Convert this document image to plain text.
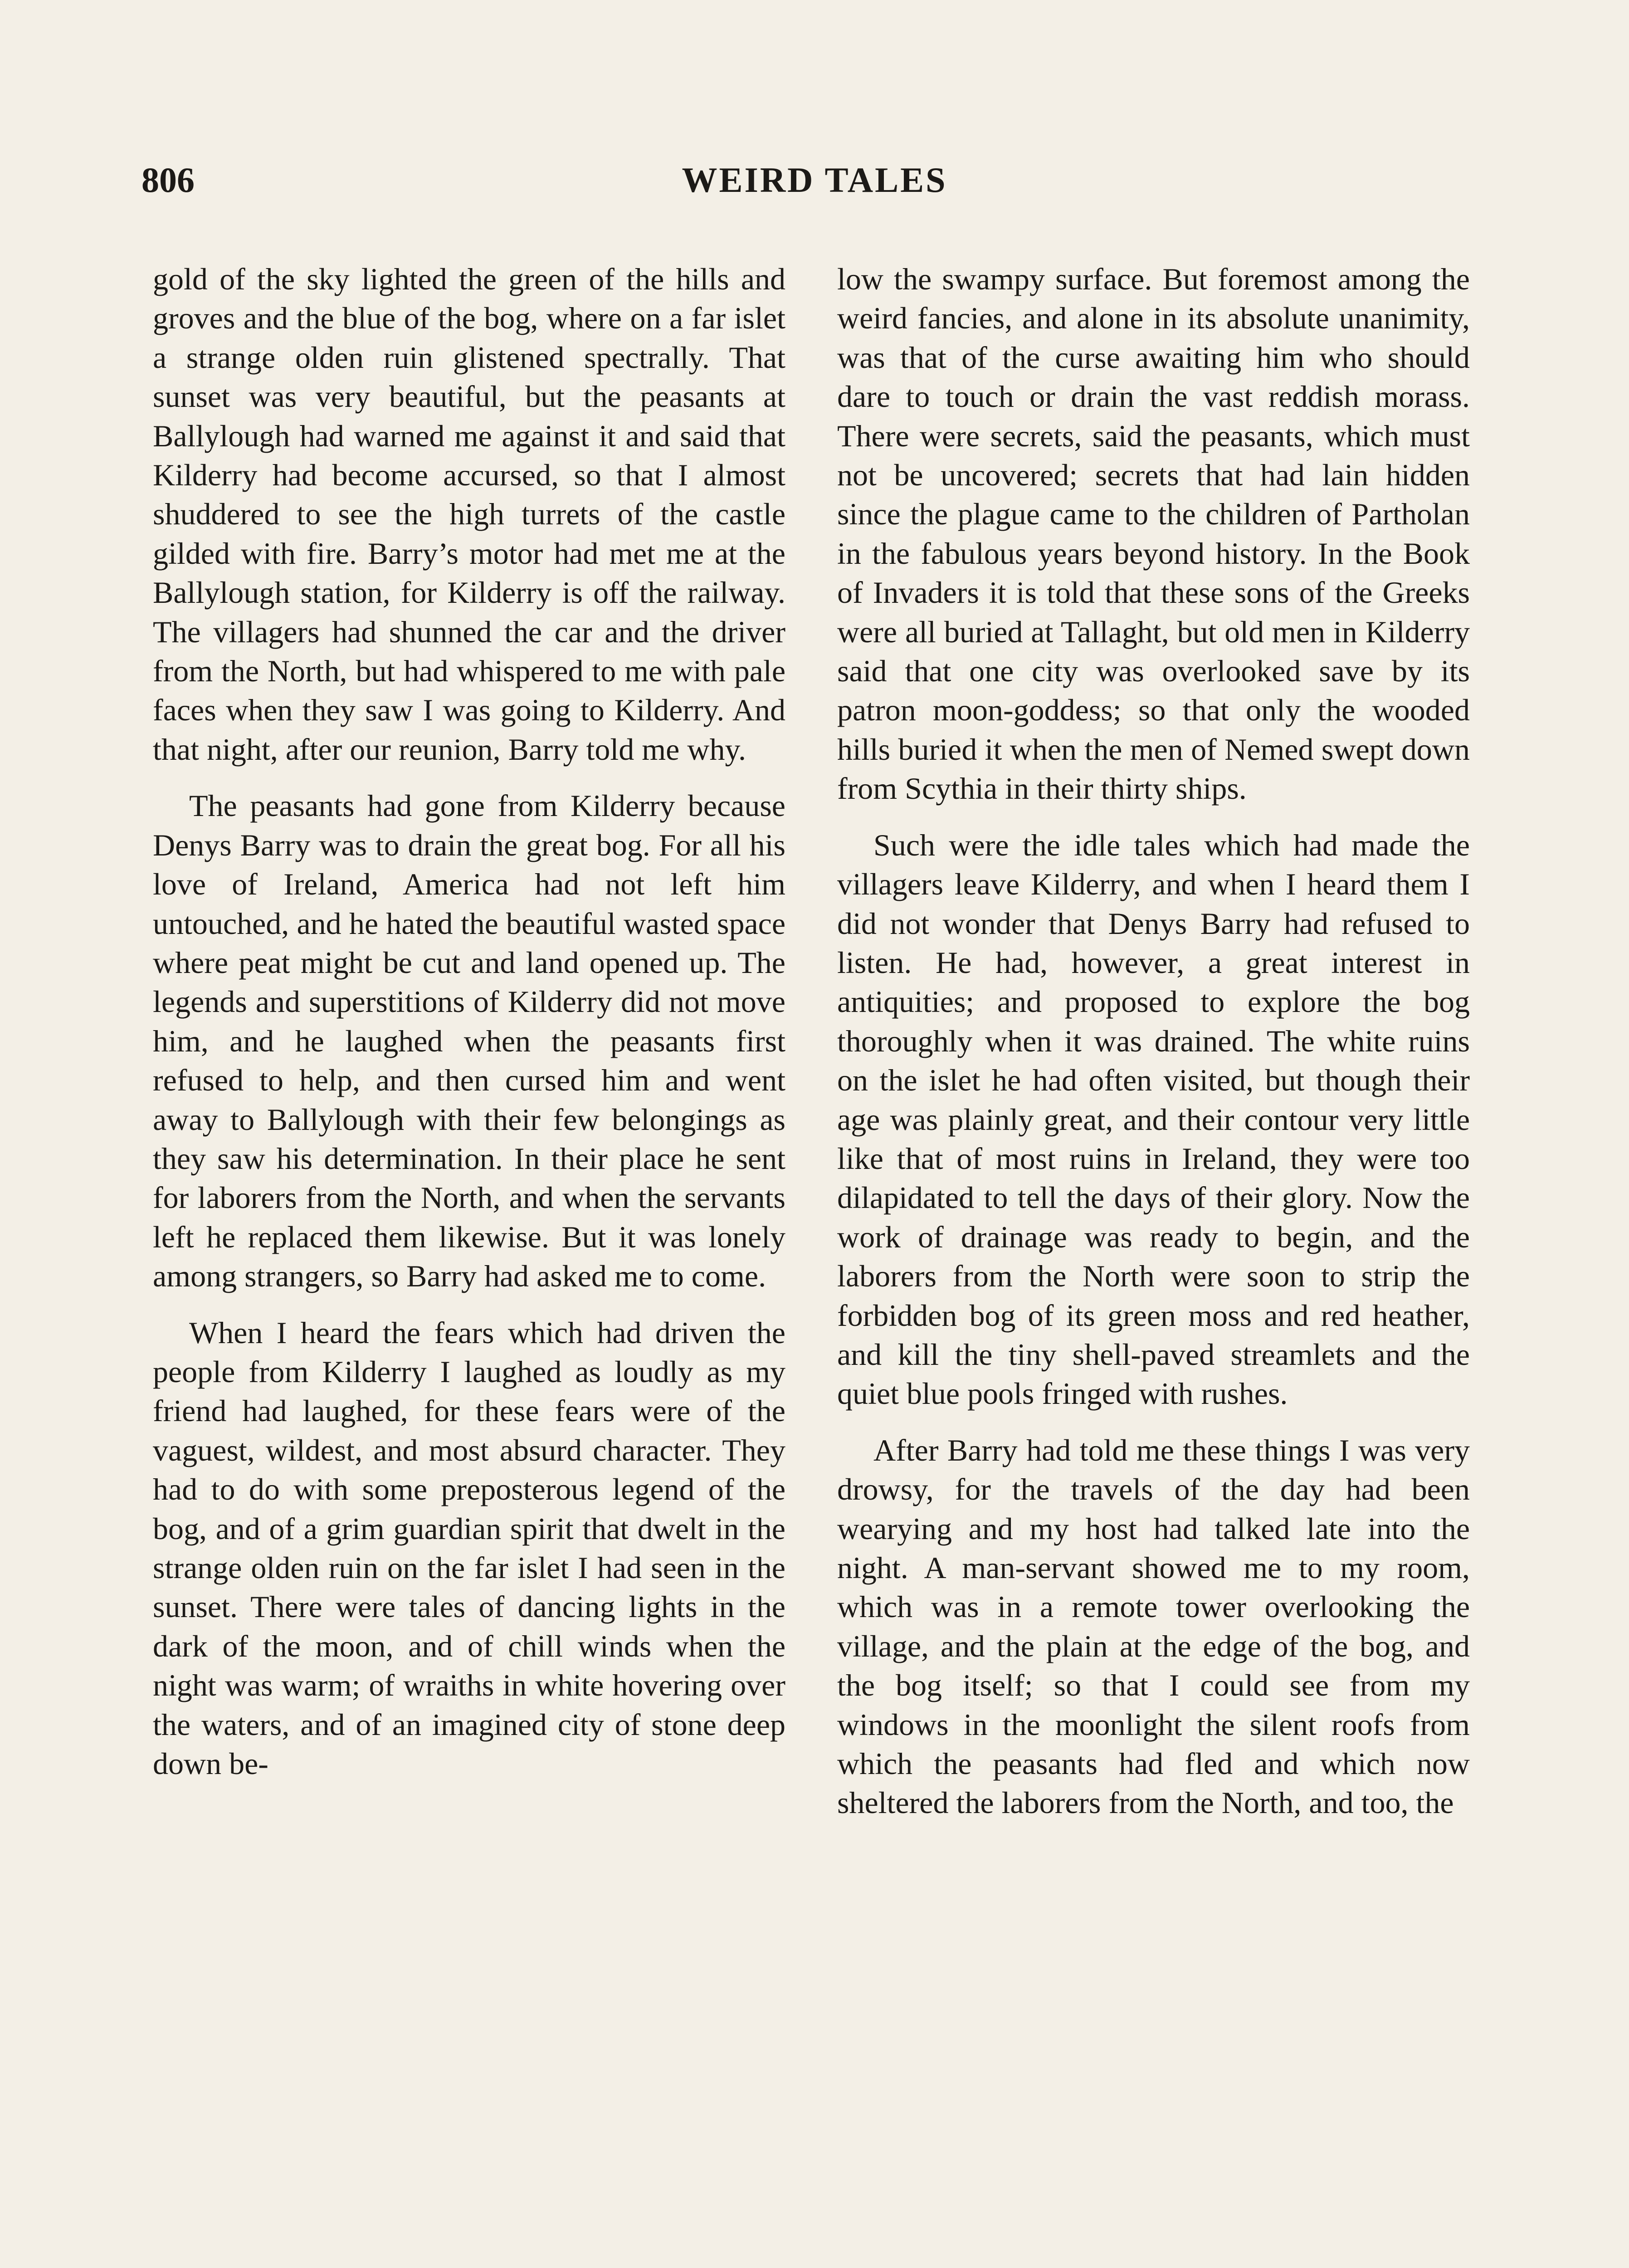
806	WEIRD TALES

gold of the sky lighted the green of the hills and groves and the blue of the bog, where on a far islet a strange olden ruin glistened spectrally. That sunset was very beautiful, but the peasants at Ballylough had warned me against it and said that Kilderry had become accursed, so that I almost shuddered to see the high turrets of the castle gilded with fire. Barry’s motor had met me at the Ballylough station, for Kilderry is off the railway. The villagers had shunned the car and the driver from the North, but had whispered to me with pale faces when they saw I was going to Kilderry. And that night, after our reunion, Barry told me why.

The peasants had gone from Kilderry because Denys Barry was to drain the great bog. For all his love of Ireland, America had not left him untouched, and he hated the beautiful wasted space where peat might be cut and land opened up. The legends and superstitions of Kilderry did not move him, and he laughed when the peasants first refused to help, and then cursed him and went away to Ballylough with their few belongings as they saw his determination. In their place he sent for laborers from the North, and when the servants left he replaced them likewise. But it was lonely among strangers, so Barry had asked me to come.

When I heard the fears which had driven the people from Kilderry I laughed as loudly as my friend had laughed, for these fears were of the vaguest, wildest, and most absurd character. They had to do with some preposterous legend of the bog, and of a grim guardian spirit that dwelt in the strange olden ruin on the far islet I had seen in the sunset. There were tales of dancing lights in the dark of the moon, and of chill winds when the night was warm; of wraiths in white hovering over the waters, and of an imagined city of stone deep down be-

low the swampy surface. But foremost among the weird fancies, and alone in its absolute unanimity, was that of the curse awaiting him who should dare to touch or drain the vast reddish morass. There were secrets, said the peasants, which must not be uncovered; secrets that had lain hidden since the plague came to the children of Partholan in the fabulous years beyond history. In the Book of Invaders it is told that these sons of the Greeks were all buried at Tallaght, but old men in Kilderry said that one city was overlooked save by its patron moon-goddess; so that only the wooded hills buried it when the men of Nemed swept down from Scythia in their thirty ships.

Such were the idle tales which had made the villagers leave Kilderry, and when I heard them I did not wonder that Denys Barry had refused to listen. He had, however, a great interest in antiquities; and proposed to explore the bog thoroughly when it was drained. The white ruins on the islet he had often visited, but though their age was plainly great, and their contour very little like that of most ruins in Ireland, they were too dilapidated to tell the days of their glory. Now the work of drainage was ready to begin, and the laborers from the North were soon to strip the forbidden bog of its green moss and red heather, and kill the tiny shell-paved streamlets and the quiet blue pools fringed with rushes.

After Barry had told me these things I was very drowsy, for the travels of the day had been wearying and my host had talked late into the night. A man-servant showed me to my room, which was in a remote tower overlooking the village, and the plain at the edge of the bog, and the bog itself; so that I could see from my windows in the moonlight the silent roofs from which the peasants had fled and which now sheltered the laborers from the North, and too, the
